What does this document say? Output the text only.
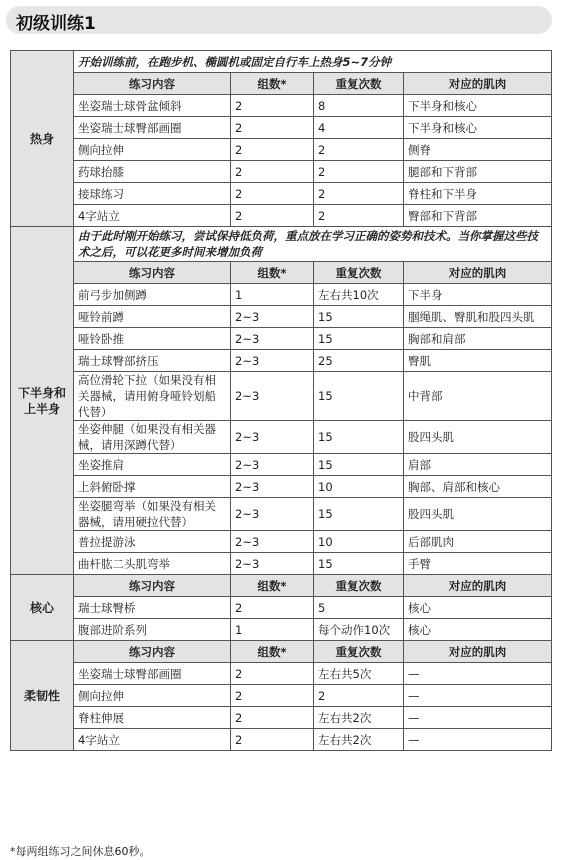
初级训练1
热身	开始训练前，在跑步机、椭圆机或固定自行车上热身5~7分钟			
	练习内容	组数*	重复次数	对应的肌肉
	坐姿瑞士球骨盆倾斜	2	8	下半身和核心
	坐姿瑞士球臀部画圈	2	4	下半身和核心
	侧向拉伸	2	2	侧脊
	药球抬膝	2	2	腿部和下背部
	接球练习	2	2	脊柱和下半身
	4字站立	2	2	臀部和下背部
下半身和上半身	由于此时刚开始练习，尝试保持低负荷，重点放在学习正确的姿势和技术。当你掌握这些技术之后，可以花更多时间来增加负荷			
	练习内容	组数*	重复次数	对应的肌肉
	前弓步加侧蹲	1	左右共10次	下半身
	哑铃前蹲	2~3	15	腘绳肌、臀肌和股四头肌
	哑铃卧推	2~3	15	胸部和肩部
	瑞士球臀部挤压	2~3	25	臀肌
	高位滑轮下拉（如果没有相关器械，请用俯身哑铃划船代替）	2~3	15	中背部
	坐姿伸腿（如果没有相关器械，请用深蹲代替）	2~3	15	股四头肌
	坐姿推肩	2~3	15	肩部
	上斜俯卧撑	2~3	10	胸部、肩部和核心
	坐姿腿弯举（如果没有相关器械，请用硬拉代替）	2~3	15	股四头肌
	普拉提游泳	2~3	10	后部肌肉
	曲杆肱二头肌弯举	2~3	15	手臂
核心	练习内容	组数*	重复次数	对应的肌肉
	瑞士球臀桥	2	5	核心
	腹部进阶系列	1	每个动作10次	核心
柔韧性	练习内容	组数*	重复次数	对应的肌肉
	坐姿瑞士球臀部画圈	2	左右共5次	—
	侧向拉伸	2	2	—
	脊柱伸展	2	左右共2次	—
	4字站立	2	左右共2次	—
*每两组练习之间休息60秒。
